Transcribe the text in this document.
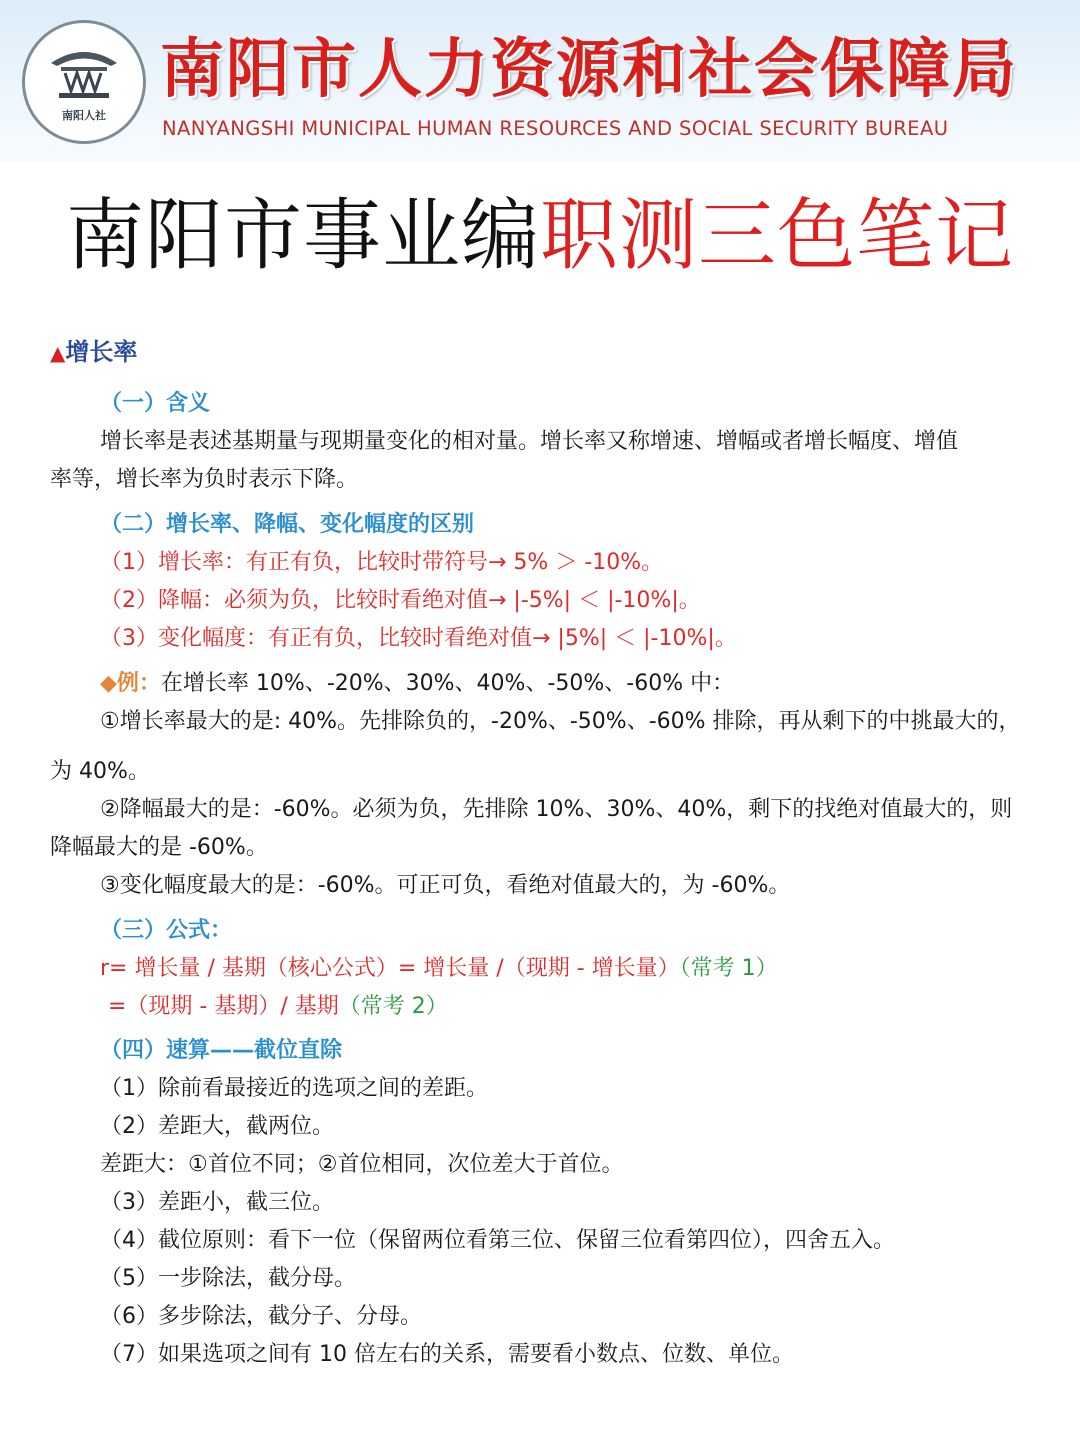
南阳人社
南阳市人力资源和社会保障局
NANYANGSHI MUNICIPAL HUMAN RESOURCES AND SOCIAL SECURITY BUREAU
南阳市事业编职测三色笔记
▲增长率
（一）含义
增长率是表述基期量与现期量变化的相对量。增长率又称增速、增幅或者增长幅度、增值
率等，增长率为负时表示下降。
（二）增长率、降幅、变化幅度的区别
（1）增长率：有正有负，比较时带符号→ 5% ＞ -10%。
（2）降幅：必须为负，比较时看绝对值→ |-5%| ＜ |-10%|。
（3）变化幅度：有正有负，比较时看绝对值→ |5%| ＜ |-10%|。
◆例：在增长率 10%、-20%、30%、40%、-50%、-60% 中：
①增长率最大的是: 40%。先排除负的，-20%、-50%、-60% 排除，再从剩下的中挑最大的，
为 40%。
②降幅最大的是：-60%。必须为负，先排除 10%、30%、40%，剩下的找绝对值最大的，则
降幅最大的是 -60%。
③变化幅度最大的是：-60%。可正可负，看绝对值最大的，为 -60%。
（三）公式：
r= 增长量 / 基期（核心公式）= 增长量 /（现期 - 增长量）（常考 1）
=（现期 - 基期）/ 基期（常考 2）
（四）速算——截位直除
（1）除前看最接近的选项之间的差距。
（2）差距大，截两位。
差距大：①首位不同；②首位相同，次位差大于首位。
（3）差距小，截三位。
（4）截位原则：看下一位（保留两位看第三位、保留三位看第四位），四舍五入。
（5）一步除法，截分母。
（6）多步除法，截分子、分母。
（7）如果选项之间有 10 倍左右的关系，需要看小数点、位数、单位。
